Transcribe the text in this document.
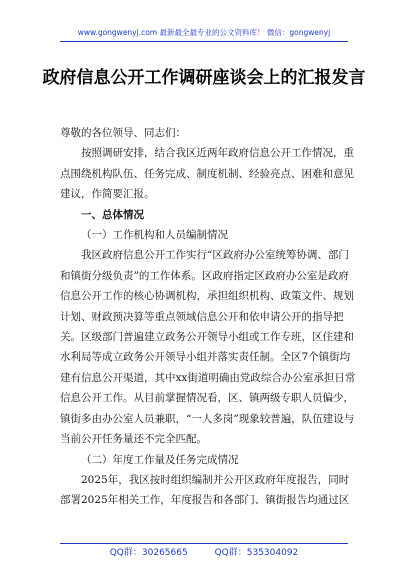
www.gongwenyj.com 最新最全最专业的公文资料库！ 微信：gongwenyj
政府信息公开工作调研座谈会上的汇报发言

尊敬的各位领导、同志们：

按照调研安排，结合我区近两年政府信息公开工作情况，重点围绕机构队伍、任务完成、制度机制、经验亮点、困难和意见建议，作简要汇报。

一、总体情况

（一）工作机构和人员编制情况

我区政府信息公开工作实行“区政府办公室统筹协调、部门和镇街分级负责”的工作体系。区政府指定区政府办公室是政府信息公开工作的核心协调机构，承担组织机构、政策文件、规划计划、财政预决算等重点领域信息公开和依申请公开的指导把关。区级部门普遍建立政务公开领导小组或工作专班，区住建和水利局等成立政务公开领导小组并落实责任制。全区7个镇街均建有信息公开渠道，其中xx街道明确由党政综合办公室承担日常信息公开工作。从目前掌握情况看，区、镇两级专职人员偏少，镇街多由办公室人员兼职，“一人多岗”现象较普遍，队伍建设与当前公开任务量还不完全匹配。

（二）年度工作量及任务完成情况

2025年，我区按时组织编制并公开区政府年度报告，同时部署2025年相关工作，年度报告和各部门、镇街报告均通过区

QQ群：30265665	QQ群：535304092
